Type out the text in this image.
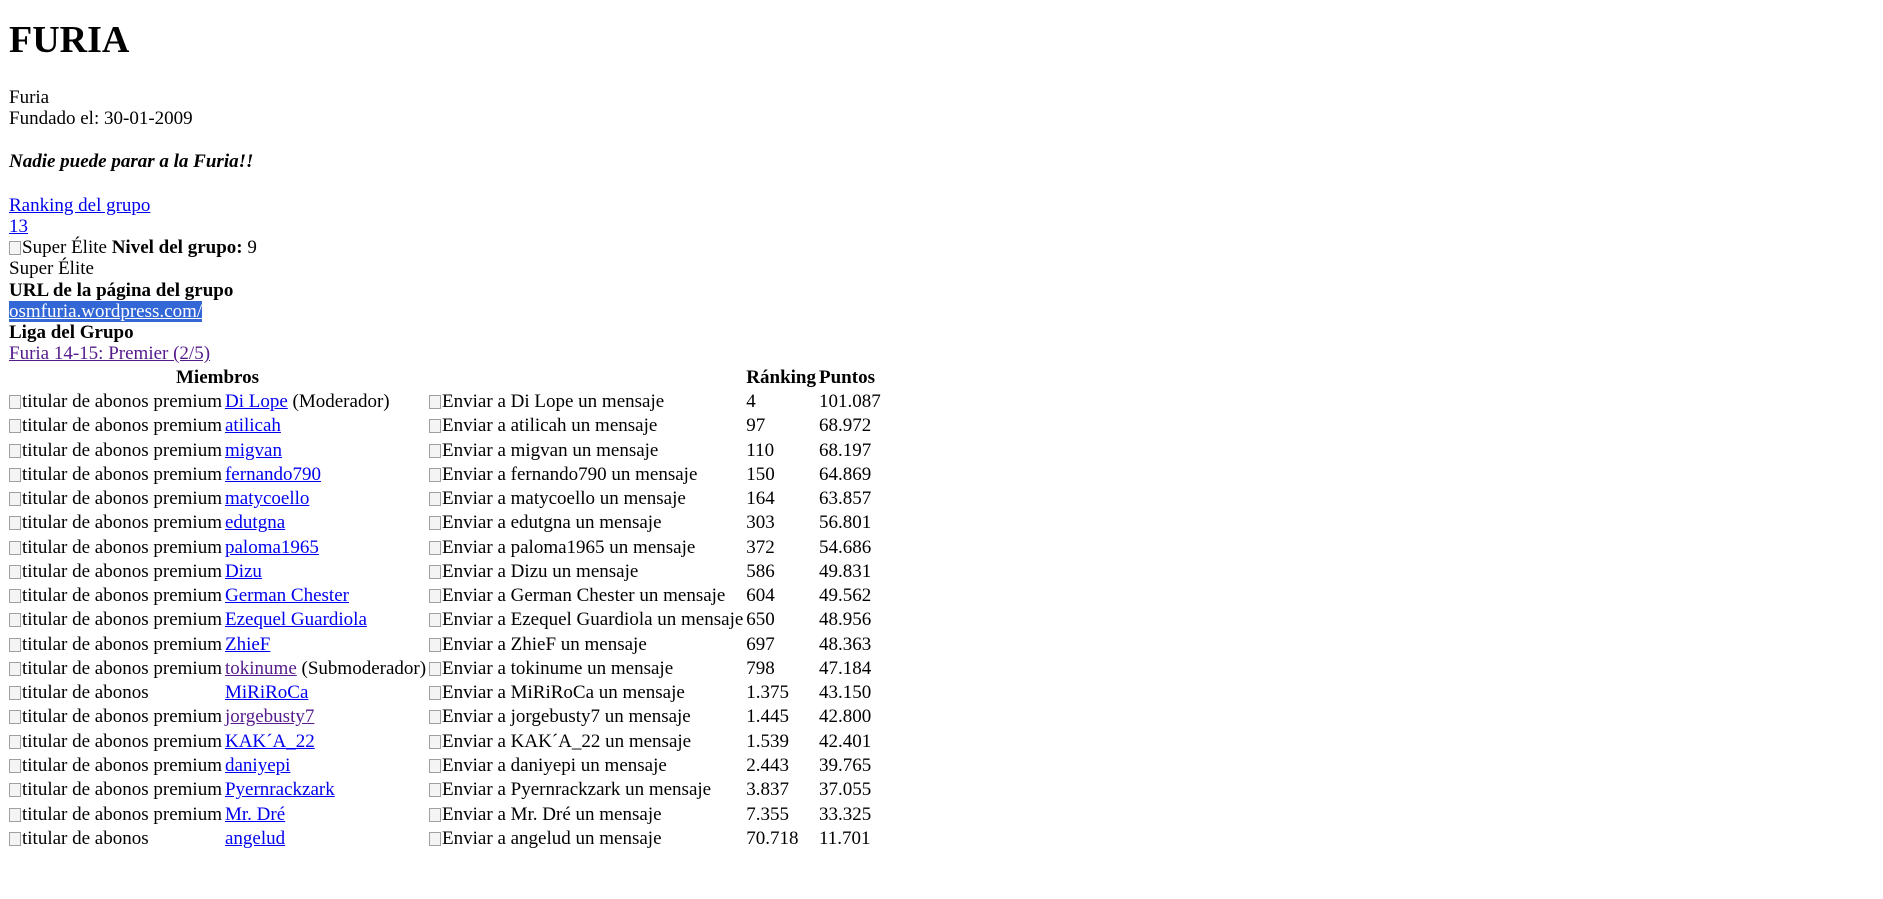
FURIA

Furia

Fundado el: 30-01-2009

Nadie puede parar a la Furia!!

Ranking del grupo
13
Super Élite Nivel del grupo: 9
Super Élite
URL de la página del grupo
osmfuria.wordpress.com/
Liga del Grupo
Furia 14-15: Premier (2/5)
Miembros			Ránking	Puntos
titular de abonos premium	Di Lope (Moderador)	Enviar a Di Lope un mensaje	4	101.087
titular de abonos premium	atilicah	Enviar a atilicah un mensaje	97	68.972
titular de abonos premium	migvan	Enviar a migvan un mensaje	110	68.197
titular de abonos premium	fernando790	Enviar a fernando790 un mensaje	150	64.869
titular de abonos premium	matycoello	Enviar a matycoello un mensaje	164	63.857
titular de abonos premium	edutgna	Enviar a edutgna un mensaje	303	56.801
titular de abonos premium	paloma1965	Enviar a paloma1965 un mensaje	372	54.686
titular de abonos premium	Dizu	Enviar a Dizu un mensaje	586	49.831
titular de abonos premium	German Chester	Enviar a German Chester un mensaje	604	49.562
titular de abonos premium	Ezequel Guardiola	Enviar a Ezequel Guardiola un mensaje	650	48.956
titular de abonos premium	ZhieF	Enviar a ZhieF un mensaje	697	48.363
titular de abonos premium	tokinume (Submoderador)	Enviar a tokinume un mensaje	798	47.184
titular de abonos	MiRiRoCa	Enviar a MiRiRoCa un mensaje	1.375	43.150
titular de abonos premium	jorgebusty7	Enviar a jorgebusty7 un mensaje	1.445	42.800
titular de abonos premium	KAK´A_22	Enviar a KAK´A_22 un mensaje	1.539	42.401
titular de abonos premium	daniyepi	Enviar a daniyepi un mensaje	2.443	39.765
titular de abonos premium	Pyernrackzark	Enviar a Pyernrackzark un mensaje	3.837	37.055
titular de abonos premium	Mr. Dré	Enviar a Mr. Dré un mensaje	7.355	33.325
titular de abonos	angelud	Enviar a angelud un mensaje	70.718	11.701
